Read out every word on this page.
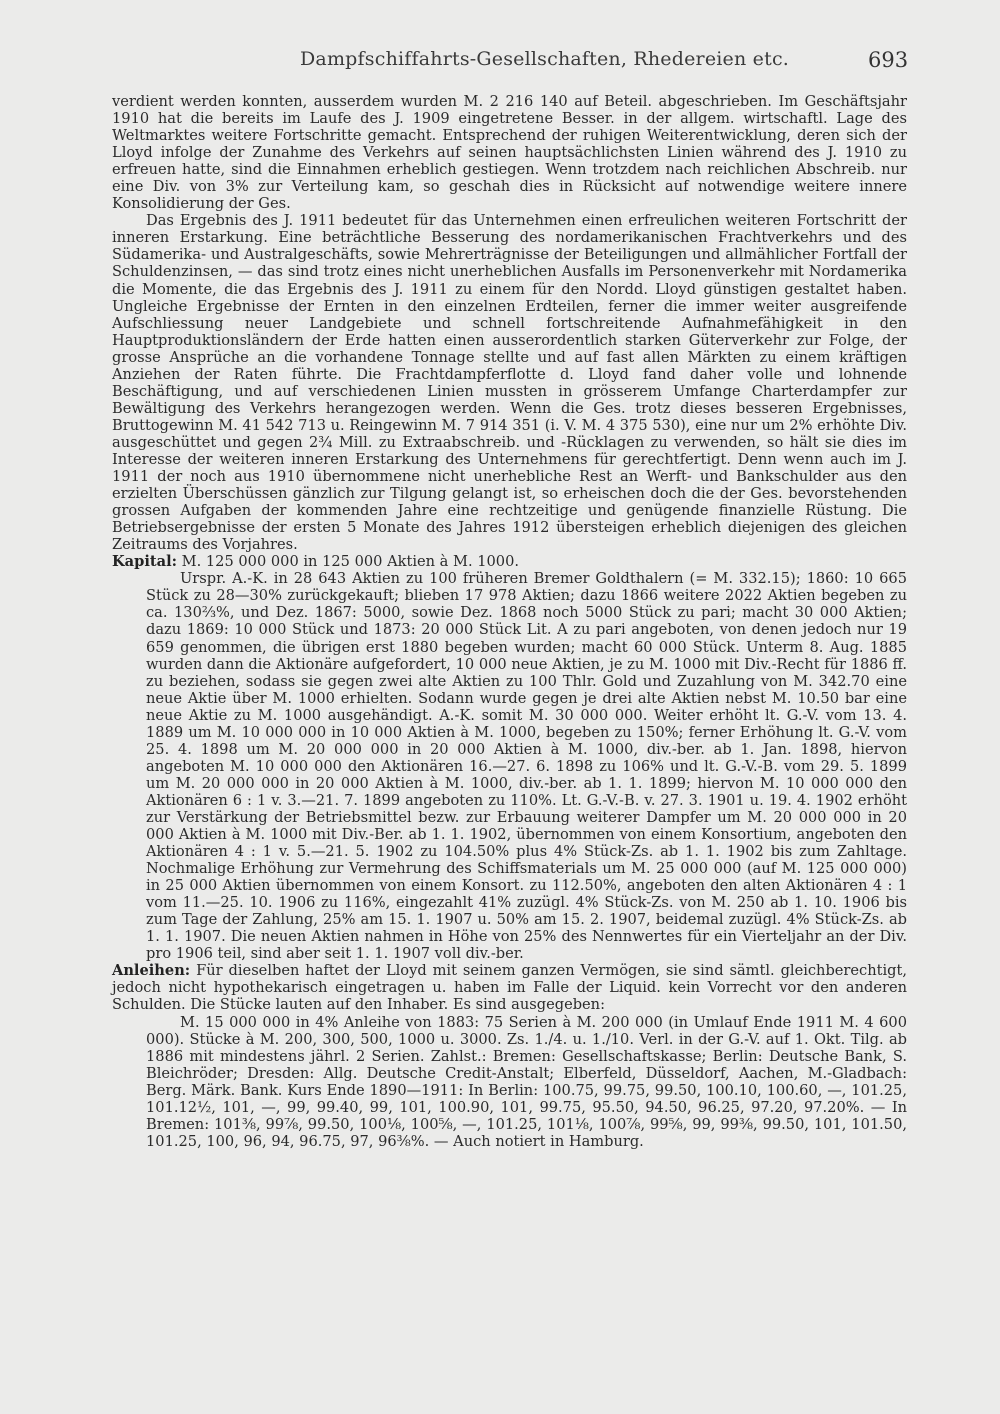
Dampfschiffahrts-Gesellschaften, Rhedereien etc.	693

verdient werden konnten, ausserdem wurden M. 2 216 140 auf Beteil. abgeschrieben. Im Geschäftsjahr 1910 hat die bereits im Laufe des J. 1909 eingetretene Besser. in der allgem. wirtschaftl. Lage des Weltmarktes weitere Fortschritte gemacht. Entsprechend der ruhigen Weiterentwicklung, deren sich der Lloyd infolge der Zunahme des Verkehrs auf seinen hauptsächlichsten Linien während des J. 1910 zu erfreuen hatte, sind die Einnahmen erheblich gestiegen. Wenn trotzdem nach reichlichen Abschreib. nur eine Div. von 3% zur Verteilung kam, so geschah dies in Rücksicht auf notwendige weitere innere Konsolidierung der Ges.

Das Ergebnis des J. 1911 bedeutet für das Unternehmen einen erfreulichen weiteren Fortschritt der inneren Erstarkung. Eine beträchtliche Besserung des nordamerikanischen Frachtverkehrs und des Südamerika- und Australgeschäfts, sowie Mehrerträgnisse der Beteiligungen und allmählicher Fortfall der Schuldenzinsen, — das sind trotz eines nicht unerheblichen Ausfalls im Personenverkehr mit Nordamerika die Momente, die das Ergebnis des J. 1911 zu einem für den Nordd. Lloyd günstigen gestaltet haben. Ungleiche Ergebnisse der Ernten in den einzelnen Erdteilen, ferner die immer weiter ausgreifende Aufschliessung neuer Landgebiete und schnell fortschreitende Aufnahmefähigkeit in den Hauptproduktionsländern der Erde hatten einen ausserordentlich starken Güterverkehr zur Folge, der grosse Ansprüche an die vorhandene Tonnage stellte und auf fast allen Märkten zu einem kräftigen Anziehen der Raten führte. Die Frachtdampferflotte d. Lloyd fand daher volle und lohnende Beschäftigung, und auf verschiedenen Linien mussten in grösserem Umfange Charterdampfer zur Bewältigung des Verkehrs herangezogen werden. Wenn die Ges. trotz dieses besseren Ergebnisses, Bruttogewinn M. 41 542 713 u. Reingewinn M. 7 914 351 (i. V. M. 4 375 530), eine nur um 2% erhöhte Div. ausgeschüttet und gegen 2¾ Mill. zu Extraabschreib. und -Rücklagen zu verwenden, so hält sie dies im Interesse der weiteren inneren Erstarkung des Unternehmens für gerechtfertigt. Denn wenn auch im J. 1911 der noch aus 1910 übernommene nicht unerhebliche Rest an Werft- und Bankschulder aus den erzielten Überschüssen gänzlich zur Tilgung gelangt ist, so erheischen doch die der Ges. bevorstehenden grossen Aufgaben der kommenden Jahre eine rechtzeitige und genügende finanzielle Rüstung. Die Betriebsergebnisse der ersten 5 Monate des Jahres 1912 übersteigen erheblich diejenigen des gleichen Zeitraums des Vorjahres.

Kapital: M. 125 000 000 in 125 000 Aktien à M. 1000.

Urspr. A.-K. in 28 643 Aktien zu 100 früheren Bremer Goldthalern (= M. 332.15); 1860: 10 665 Stück zu 28—30% zurückgekauft; blieben 17 978 Aktien; dazu 1866 weitere 2022 Aktien begeben zu ca. 130⅔%, und Dez. 1867: 5000, sowie Dez. 1868 noch 5000 Stück zu pari; macht 30 000 Aktien; dazu 1869: 10 000 Stück und 1873: 20 000 Stück Lit. A zu pari angeboten, von denen jedoch nur 19 659 genommen, die übrigen erst 1880 begeben wurden; macht 60 000 Stück. Unterm 8. Aug. 1885 wurden dann die Aktionäre aufgefordert, 10 000 neue Aktien, je zu M. 1000 mit Div.-Recht für 1886 ff. zu beziehen, sodass sie gegen zwei alte Aktien zu 100 Thlr. Gold und Zuzahlung von M. 342.70 eine neue Aktie über M. 1000 erhielten. Sodann wurde gegen je drei alte Aktien nebst M. 10.50 bar eine neue Aktie zu M. 1000 ausgehändigt. A.-K. somit M. 30 000 000. Weiter erhöht lt. G.-V. vom 13. 4. 1889 um M. 10 000 000 in 10 000 Aktien à M. 1000, begeben zu 150%; ferner Erhöhung lt. G.-V. vom 25. 4. 1898 um M. 20 000 000 in 20 000 Aktien à M. 1000, div.-ber. ab 1. Jan. 1898, hiervon angeboten M. 10 000 000 den Aktionären 16.—27. 6. 1898 zu 106% und lt. G.-V.-B. vom 29. 5. 1899 um M. 20 000 000 in 20 000 Aktien à M. 1000, div.-ber. ab 1. 1. 1899; hiervon M. 10 000 000 den Aktionären 6 : 1 v. 3.—21. 7. 1899 angeboten zu 110%. Lt. G.-V.-B. v. 27. 3. 1901 u. 19. 4. 1902 erhöht zur Verstärkung der Betriebsmittel bezw. zur Erbauung weiterer Dampfer um M. 20 000 000 in 20 000 Aktien à M. 1000 mit Div.-Ber. ab 1. 1. 1902, übernommen von einem Konsortium, angeboten den Aktionären 4 : 1 v. 5.—21. 5. 1902 zu 104.50% plus 4% Stück-Zs. ab 1. 1. 1902 bis zum Zahltage. Nochmalige Erhöhung zur Vermehrung des Schiffsmaterials um M. 25 000 000 (auf M. 125 000 000) in 25 000 Aktien übernommen von einem Konsort. zu 112.50%, angeboten den alten Aktionären 4 : 1 vom 11.—25. 10. 1906 zu 116%, eingezahlt 41% zuzügl. 4% Stück-Zs. von M. 250 ab 1. 10. 1906 bis zum Tage der Zahlung, 25% am 15. 1. 1907 u. 50% am 15. 2. 1907, beidemal zuzügl. 4% Stück-Zs. ab 1. 1. 1907. Die neuen Aktien nahmen in Höhe von 25% des Nennwertes für ein Vierteljahr an der Div. pro 1906 teil, sind aber seit 1. 1. 1907 voll div.-ber.

Anleihen: Für dieselben haftet der Lloyd mit seinem ganzen Vermögen, sie sind sämtl. gleichberechtigt, jedoch nicht hypothekarisch eingetragen u. haben im Falle der Liquid. kein Vorrecht vor den anderen Schulden. Die Stücke lauten auf den Inhaber. Es sind ausgegeben:

M. 15 000 000 in 4% Anleihe von 1883: 75 Serien à M. 200 000 (in Umlauf Ende 1911 M. 4 600 000). Stücke à M. 200, 300, 500, 1000 u. 3000. Zs. 1./4. u. 1./10. Verl. in der G.-V. auf 1. Okt. Tilg. ab 1886 mit mindestens jährl. 2 Serien. Zahlst.: Bremen: Gesellschaftskasse; Berlin: Deutsche Bank, S. Bleichröder; Dresden: Allg. Deutsche Credit-Anstalt; Elberfeld, Düsseldorf, Aachen, M.-Gladbach: Berg. Märk. Bank. Kurs Ende 1890—1911: In Berlin: 100.75, 99.75, 99.50, 100.10, 100.60, —, 101.25, 101.12½, 101, —, 99, 99.40, 99, 101, 100.90, 101, 99.75, 95.50, 94.50, 96.25, 97.20, 97.20%. — In Bremen: 101⅜, 99⅞, 99.50, 100⅛, 100⅝, —, 101.25, 101⅛, 100⅞, 99⅝, 99, 99⅜, 99.50, 101, 101.50, 101.25, 100, 96, 94, 96.75, 97, 96⅜%. — Auch notiert in Hamburg.
